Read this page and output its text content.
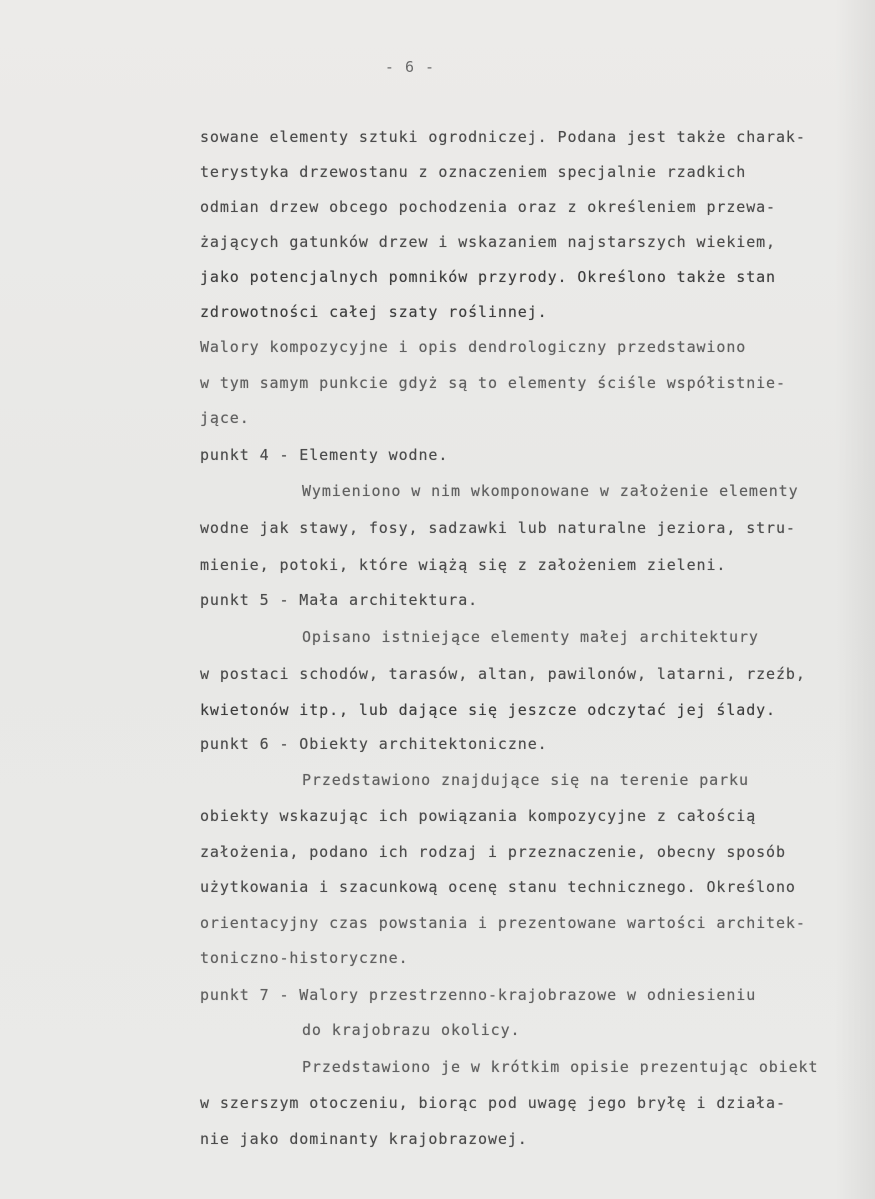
- 6 -
sowane elementy sztuki ogrodniczej. Podana jest także charak-
terystyka drzewostanu z oznaczeniem specjalnie rzadkich
odmian drzew obcego pochodzenia oraz z określeniem przewa-
żających gatunków drzew i wskazaniem najstarszych wiekiem,
jako potencjalnych pomników przyrody. Określono także stan
zdrowotności całej szaty roślinnej.
Walory kompozycyjne i opis dendrologiczny przedstawiono
w tym samym punkcie gdyż są to elementy ściśle współistnie-
jące.
punkt 4 - Elementy wodne.
Wymieniono w nim wkomponowane w założenie elementy
wodne jak stawy, fosy, sadzawki lub naturalne jeziora, stru-
mienie, potoki, które wiążą się z założeniem zieleni.
punkt 5 - Mała architektura.
Opisano istniejące elementy małej architektury
w postaci schodów, tarasów, altan, pawilonów, latarni, rzeźb,
kwietonów itp., lub dające się jeszcze odczytać jej ślady.
punkt 6 - Obiekty architektoniczne.
Przedstawiono znajdujące się na terenie parku
obiekty wskazując ich powiązania kompozycyjne z całością
założenia, podano ich rodzaj i przeznaczenie, obecny sposób
użytkowania i szacunkową ocenę stanu technicznego. Określono
orientacyjny czas powstania i prezentowane wartości architek-
toniczno-historyczne.
punkt 7 - Walory przestrzenno-krajobrazowe w odniesieniu
do krajobrazu okolicy.
Przedstawiono je w krótkim opisie prezentując obiekt
w szerszym otoczeniu, biorąc pod uwagę jego bryłę i działa-
nie jako dominanty krajobrazowej.
